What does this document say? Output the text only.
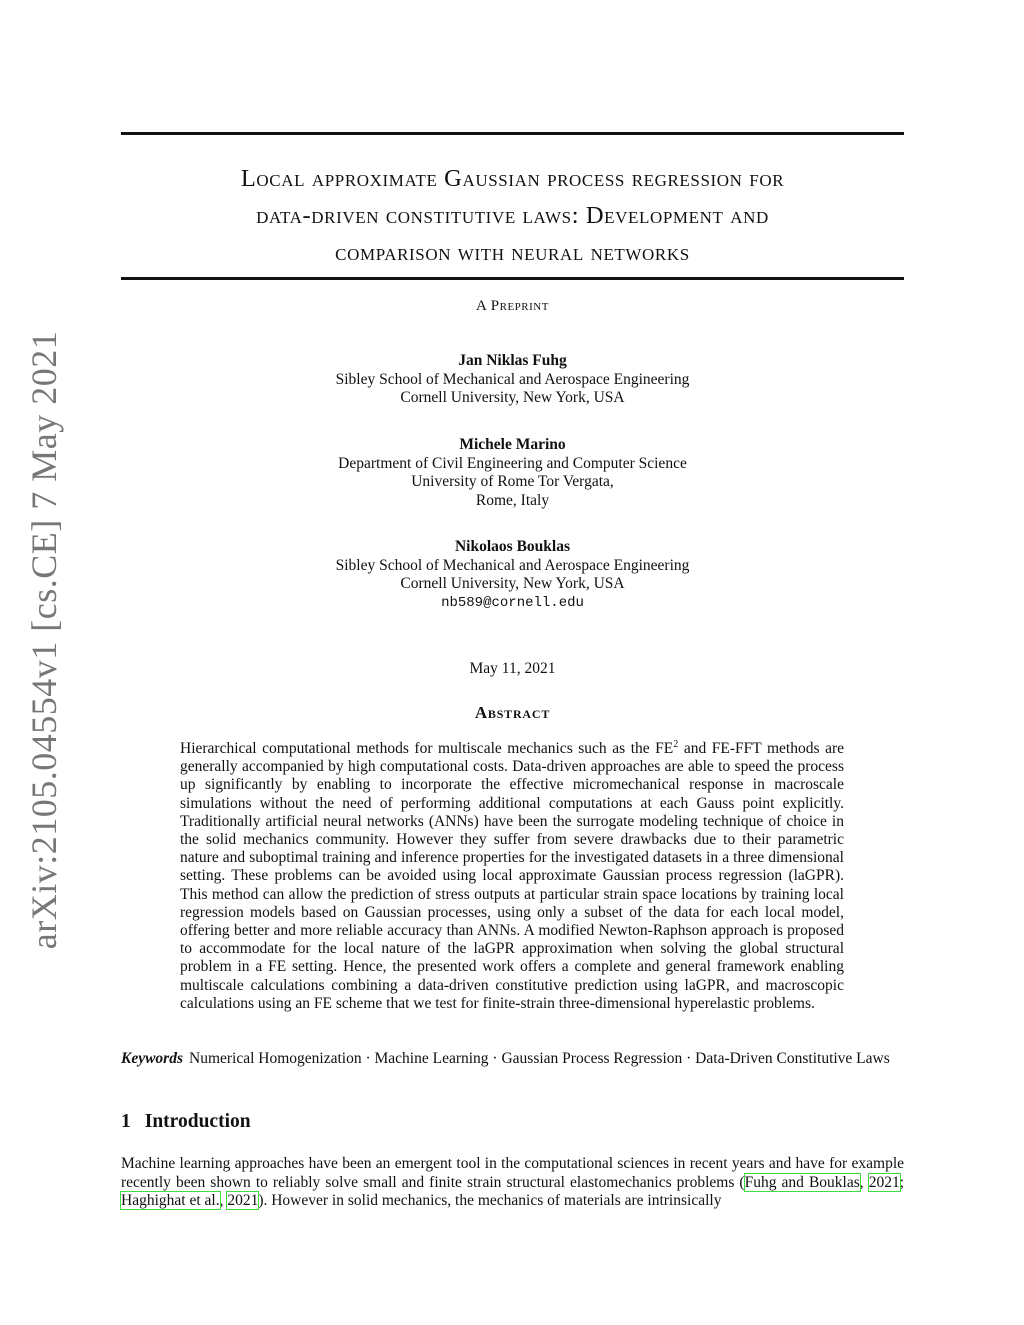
arXiv:2105.04554v1 [cs.CE] 7 May 2021
Local approximate Gaussian process regression for
data-driven constitutive laws: Development and
comparison with neural networks
A Preprint
Jan Niklas Fuhg
Sibley School of Mechanical and Aerospace Engineering
Cornell University, New York, USA
Michele Marino
Department of Civil Engineering and Computer Science
University of Rome Tor Vergata,
Rome, Italy
Nikolaos Bouklas
Sibley School of Mechanical and Aerospace Engineering
Cornell University, New York, USA
nb589@cornell.edu
May 11, 2021
Abstract

Hierarchical computational methods for multiscale mechanics such as the $FE^2$ and FE-FFT methods are generally accompanied by high computational costs. Data-driven approaches are able to speed the process up significantly by enabling to incorporate the effective micromechanical response in macroscale simulations without the need of performing additional computations at each Gauss point explicitly. Traditionally artificial neural networks (ANNs) have been the surrogate modeling technique of choice in the solid mechanics community. However they suffer from severe drawbacks due to their parametric nature and suboptimal training and inference properties for the investigated datasets in a three dimensional setting. These problems can be avoided using local approximate Gaussian process regression (laGPR). This method can allow the prediction of stress outputs at particular strain space locations by training local regression models based on Gaussian processes, using only a subset of the data for each local model, offering better and more reliable accuracy than ANNs. A modified Newton-Raphson approach is proposed to accommodate for the local nature of the laGPR approximation when solving the global structural problem in a FE setting. Hence, the presented work offers a complete and general framework enabling multiscale calculations combining a data-driven constitutive prediction using laGPR, and macroscopic calculations using an FE scheme that we test for finite-strain three-dimensional hyperelastic problems.

Keywords Numerical Homogenization · Machine Learning · Gaussian Process Regression · Data-Driven Constitutive Laws

1 Introduction

Machine learning approaches have been an emergent tool in the computational sciences in recent years and have for example recently been shown to reliably solve small and finite strain structural elastomechanics problems (Fuhg and Bouklas, 2021; Haghighat et al., 2021). However in solid mechanics, the mechanics of materials are intrinsically
